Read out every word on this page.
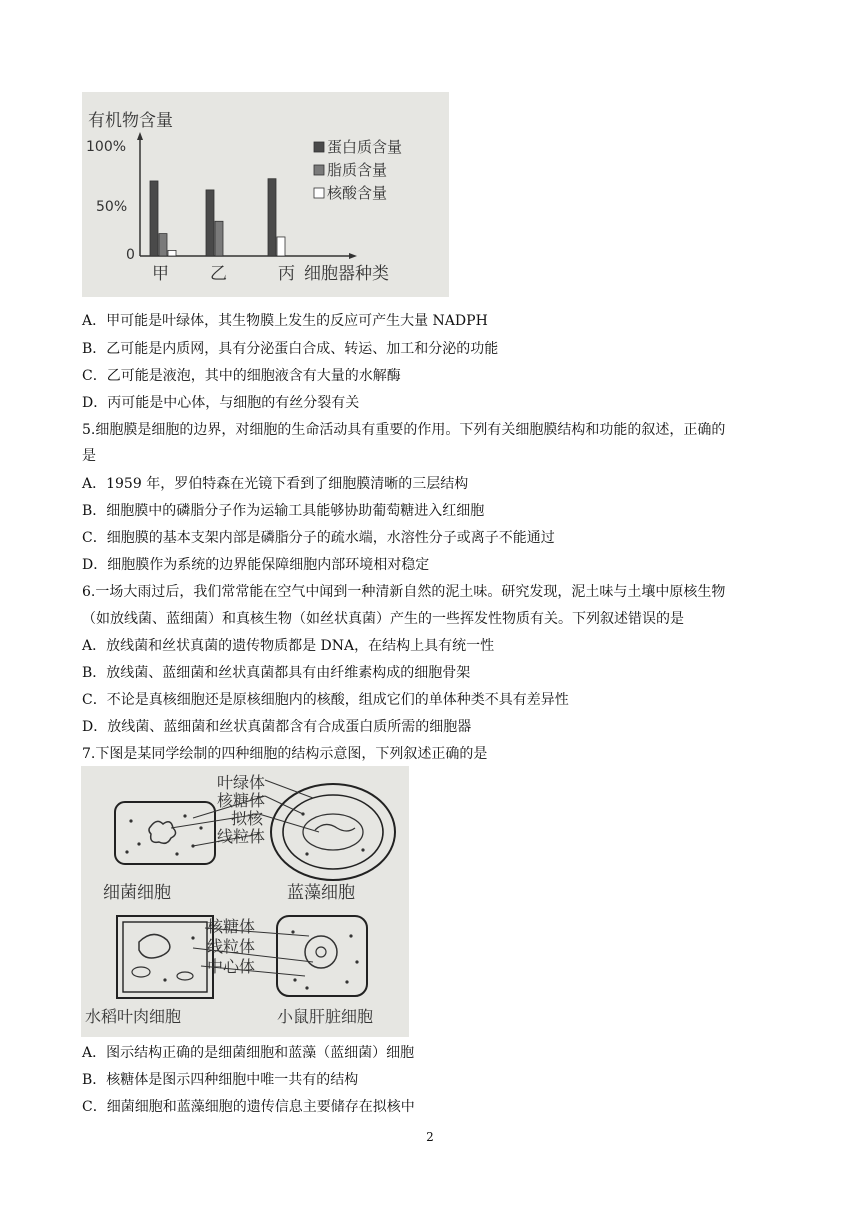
有机物含量
100%
50%
0
甲 乙	丙 细胞器种类
蛋白质含量
脂质含量
核酸含量
A．甲可能是叶绿体，其生物膜上发生的反应可产生大量 NADPH
B．乙可能是内质网，具有分泌蛋白合成、转运、加工和分泌的功能
C．乙可能是液泡，其中的细胞液含有大量的水解酶
D．丙可能是中心体，与细胞的有丝分裂有关
5.细胞膜是细胞的边界，对细胞的生命活动具有重要的作用。下列有关细胞膜结构和功能的叙述，正确的
是
A．1959 年，罗伯特森在光镜下看到了细胞膜清晰的三层结构
B．细胞膜中的磷脂分子作为运输工具能够协助葡萄糖进入红细胞
C．细胞膜的基本支架内部是磷脂分子的疏水端，水溶性分子或离子不能通过
D．细胞膜作为系统的边界能保障细胞内部环境相对稳定
6.一场大雨过后，我们常常能在空气中闻到一种清新自然的泥土味。研究发现，泥土味与土壤中原核生物
（如放线菌、蓝细菌）和真核生物（如丝状真菌）产生的一些挥发性物质有关。下列叙述错误的是
A．放线菌和丝状真菌的遗传物质都是 DNA，在结构上具有统一性
B．放线菌、蓝细菌和丝状真菌都具有由纤维素构成的细胞骨架
C．不论是真核细胞还是原核细胞内的核酸，组成它们的单体种类不具有差异性
D．放线菌、蓝细菌和丝状真菌都含有合成蛋白质所需的细胞器
7.下图是某同学绘制的四种细胞的结构示意图，下列叙述正确的是
叶绿体
核糖体
拟核
线粒体
细菌细胞	蓝藻细胞
核糖体
线粒体
中心体
水稻叶肉细胞	小鼠肝脏细胞
A．图示结构正确的是细菌细胞和蓝藻（蓝细菌）细胞
B．核糖体是图示四种细胞中唯一共有的结构
C．细菌细胞和蓝藻细胞的遗传信息主要储存在拟核中
2
